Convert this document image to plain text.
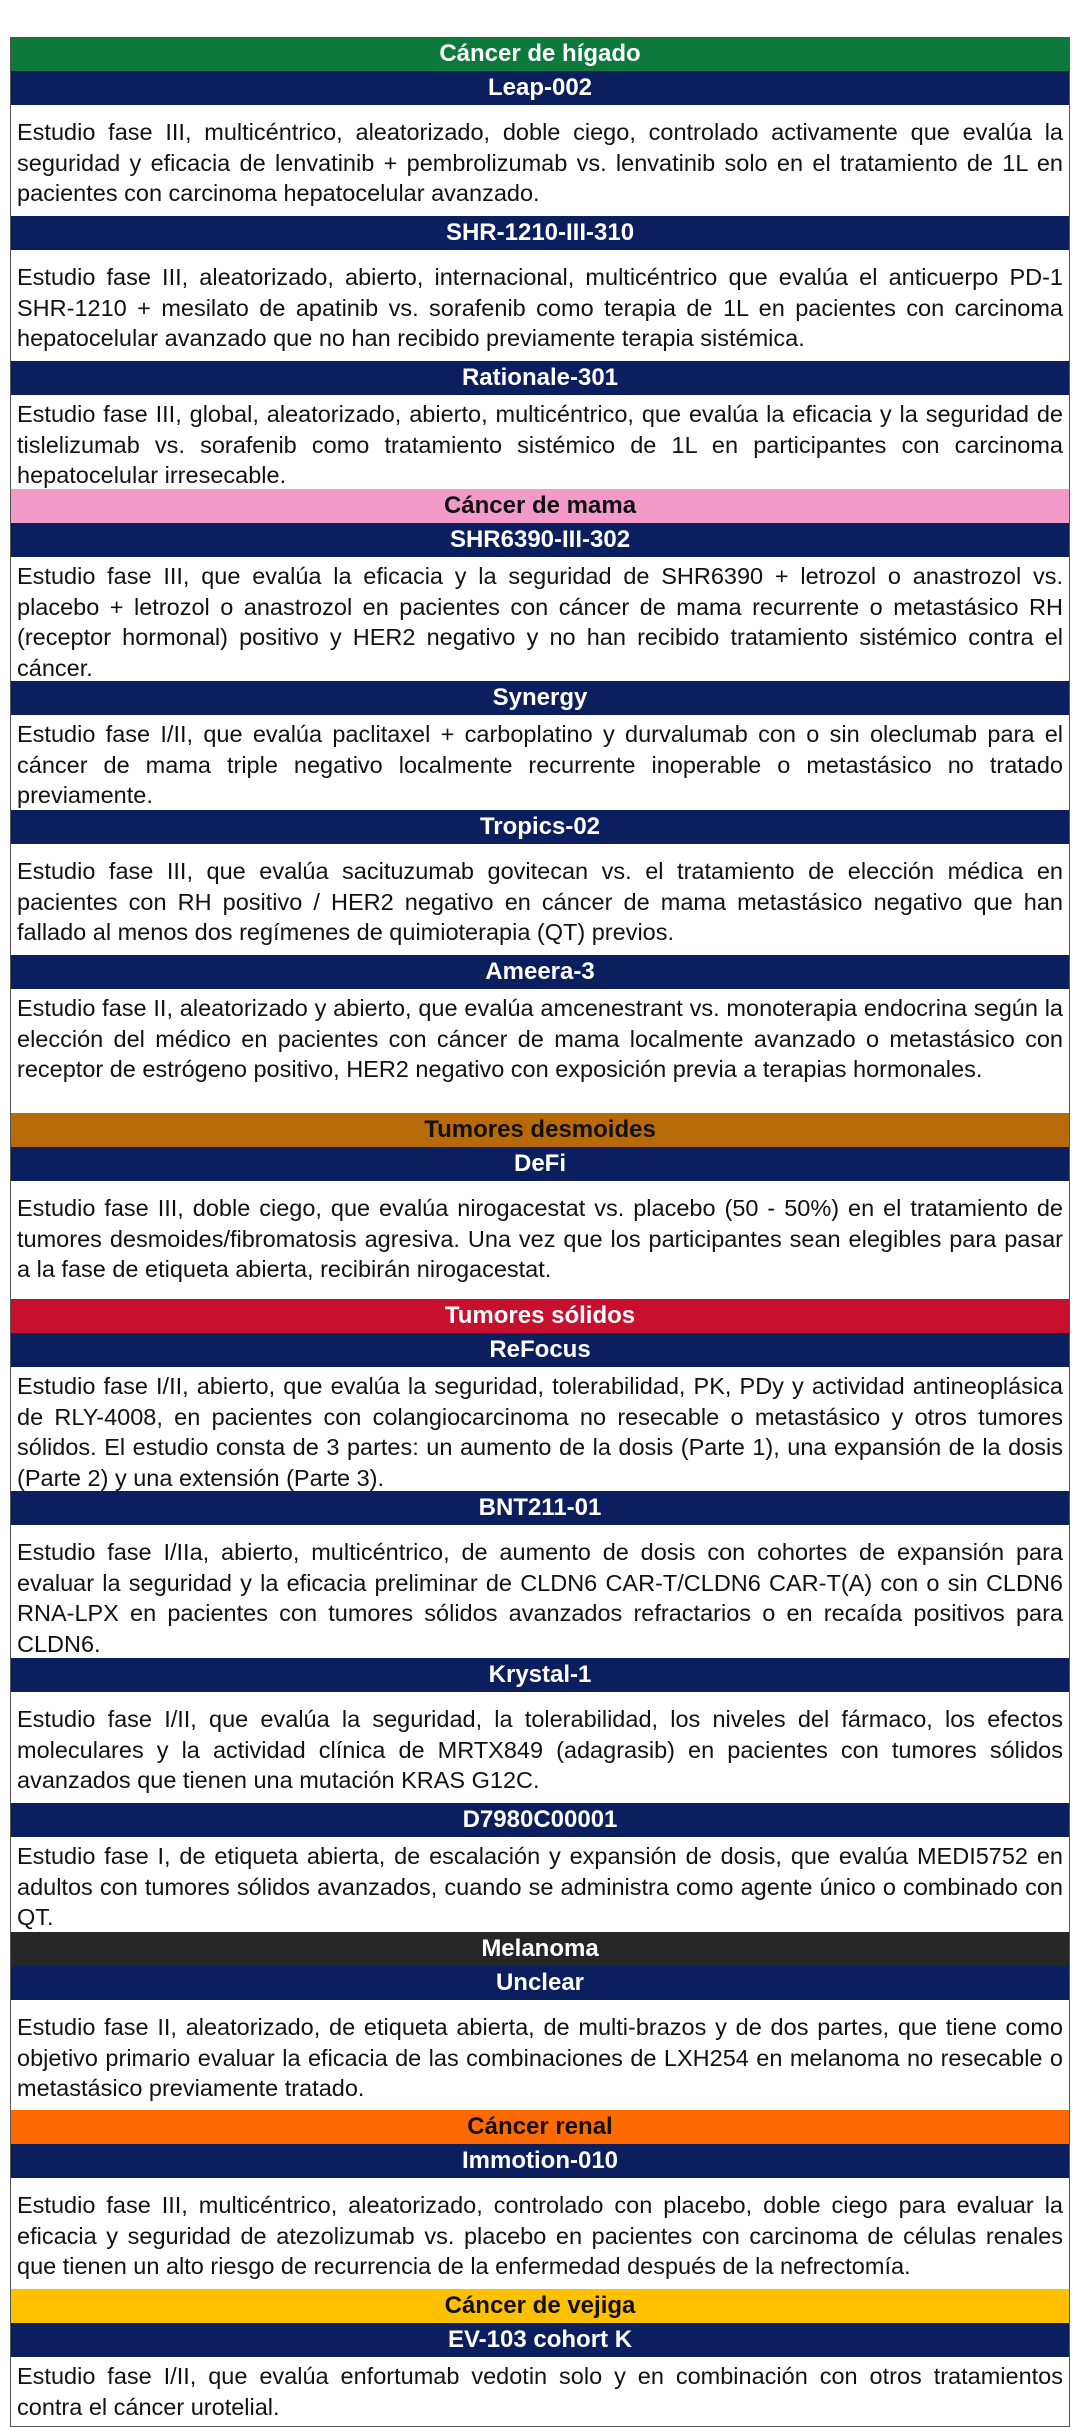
Cáncer de hígado
Leap-002
Estudio fase III, multicéntrico, aleatorizado, doble ciego, controlado activamente que evalúa la seguridad y eficacia de lenvatinib + pembrolizumab vs. lenvatinib solo en el tratamiento de 1L en pacientes con carcinoma hepatocelular avanzado.
SHR-1210-III-310
Estudio fase III, aleatorizado, abierto, internacional, multicéntrico que evalúa el anticuerpo PD-1 SHR-1210 + mesilato de apatinib vs. sorafenib como terapia de 1L en pacientes con carcinoma hepatocelular avanzado que no han recibido previamente terapia sistémica.
Rationale-301
Estudio fase III, global, aleatorizado, abierto, multicéntrico, que evalúa la eficacia y la seguridad de tislelizumab vs. sorafenib como tratamiento sistémico de 1L en participantes con carcinoma hepatocelular irresecable.
Cáncer de mama
SHR6390-III-302
Estudio fase III, que evalúa la eficacia y la seguridad de SHR6390 + letrozol o anastrozol vs. placebo + letrozol o anastrozol en pacientes con cáncer de mama recurrente o metastásico RH (receptor hormonal) positivo y HER2 negativo y no han recibido tratamiento sistémico contra el cáncer.
Synergy
Estudio fase I/II, que evalúa paclitaxel + carboplatino y durvalumab con o sin oleclumab para el cáncer de mama triple negativo localmente recurrente inoperable o metastásico no tratado previamente.
Tropics-02
Estudio fase III, que evalúa sacituzumab govitecan vs. el tratamiento de elección médica en pacientes con RH positivo / HER2 negativo en cáncer de mama metastásico negativo que han fallado al menos dos regímenes de quimioterapia (QT) previos.
Ameera-3
Estudio fase II, aleatorizado y abierto, que evalúa amcenestrant vs. monoterapia endocrina según la elección del médico en pacientes con cáncer de mama localmente avanzado o metastásico con receptor de estrógeno positivo, HER2 negativo con exposición previa a terapias hormonales.
Tumores desmoides
DeFi
Estudio fase III, doble ciego, que evalúa nirogacestat vs. placebo (50 - 50%) en el tratamiento de tumores desmoides/fibromatosis agresiva. Una vez que los participantes sean elegibles para pasar a la fase de etiqueta abierta, recibirán nirogacestat.
Tumores sólidos
ReFocus
Estudio fase I/II, abierto, que evalúa la seguridad, tolerabilidad, PK, PDy y actividad antineoplásica de RLY-4008, en pacientes con colangiocarcinoma no resecable o metastásico y otros tumores sólidos. El estudio consta de 3 partes: un aumento de la dosis (Parte 1), una expansión de la dosis (Parte 2) y una extensión (Parte 3).
BNT211-01
Estudio fase I/IIa, abierto, multicéntrico, de aumento de dosis con cohortes de expansión para evaluar la seguridad y la eficacia preliminar de CLDN6 CAR-T/CLDN6 CAR-T(A) con o sin CLDN6 RNA-LPX en pacientes con tumores sólidos avanzados refractarios o en recaída positivos para CLDN6.
Krystal-1
Estudio fase I/II, que evalúa la seguridad, la tolerabilidad, los niveles del fármaco, los efectos moleculares y la actividad clínica de MRTX849 (adagrasib) en pacientes con tumores sólidos avanzados que tienen una mutación KRAS G12C.
D7980C00001
Estudio fase I, de etiqueta abierta, de escalación y expansión de dosis, que evalúa MEDI5752 en adultos con tumores sólidos avanzados, cuando se administra como agente único o combinado con QT.
Melanoma
Unclear
Estudio fase II, aleatorizado, de etiqueta abierta, de multi-brazos y de dos partes, que tiene como objetivo primario evaluar la eficacia de las combinaciones de LXH254 en melanoma no resecable o metastásico previamente tratado.
Cáncer renal
Immotion-010
Estudio fase III, multicéntrico, aleatorizado, controlado con placebo, doble ciego para evaluar la eficacia y seguridad de atezolizumab vs. placebo en pacientes con carcinoma de células renales que tienen un alto riesgo de recurrencia de la enfermedad después de la nefrectomía.
Cáncer de vejiga
EV-103 cohort K
Estudio fase I/II, que evalúa enfortumab vedotin solo y en combinación con otros tratamientos contra el cáncer urotelial.
